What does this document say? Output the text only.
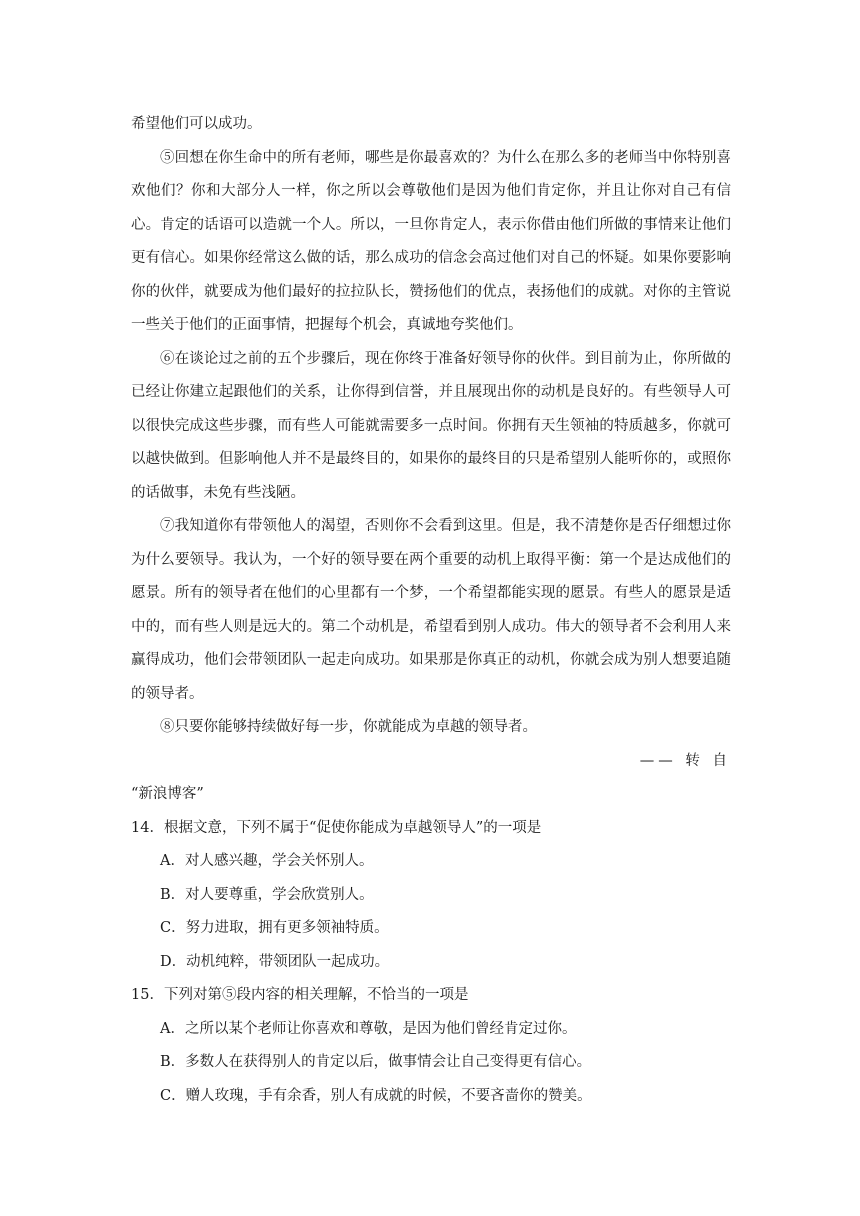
希望他们可以成功。

⑤回想在你生命中的所有老师，哪些是你最喜欢的？为什么在那么多的老师当中你特别喜欢他们？你和大部分人一样，你之所以会尊敬他们是因为他们肯定你，并且让你对自己有信心。肯定的话语可以造就一个人。所以，一旦你肯定人，表示你借由他们所做的事情来让他们更有信心。如果你经常这么做的话，那么成功的信念会高过他们对自己的怀疑。如果你要影响你的伙伴，就要成为他们最好的拉拉队长，赞扬他们的优点，表扬他们的成就。对你的主管说一些关于他们的正面事情，把握每个机会，真诚地夸奖他们。

⑥在谈论过之前的五个步骤后，现在你终于准备好领导你的伙伴。到目前为止，你所做的已经让你建立起跟他们的关系，让你得到信誉，并且展现出你的动机是良好的。有些领导人可以很快完成这些步骤，而有些人可能就需要多一点时间。你拥有天生领袖的特质越多，你就可以越快做到。但影响他人并不是最终目的，如果你的最终目的只是希望别人能听你的，或照你的话做事，未免有些浅陋。

⑦我知道你有带领他人的渴望，否则你不会看到这里。但是，我不清楚你是否仔细想过你为什么要领导。我认为，一个好的领导要在两个重要的动机上取得平衡：第一个是达成他们的愿景。所有的领导者在他们的心里都有一个梦，一个希望都能实现的愿景。有些人的愿景是适中的，而有些人则是远大的。第二个动机是，希望看到别人成功。伟大的领导者不会利用人来赢得成功，他们会带领团队一起走向成功。如果那是你真正的动机，你就会成为别人想要追随的领导者。

⑧只要你能够持续做好每一步，你就能成为卓越的领导者。

—— 转 自

“新浪博客”

14．根据文意，下列不属于“促使你能成为卓越领导人”的一项是

A．对人感兴趣，学会关怀别人。

B．对人要尊重，学会欣赏别人。

C．努力进取，拥有更多领袖特质。

D．动机纯粹，带领团队一起成功。

15．下列对第⑤段内容的相关理解，不恰当的一项是

A．之所以某个老师让你喜欢和尊敬，是因为他们曾经肯定过你。

B．多数人在获得别人的肯定以后，做事情会让自己变得更有信心。

C．赠人玫瑰，手有余香，别人有成就的时候，不要吝啬你的赞美。
